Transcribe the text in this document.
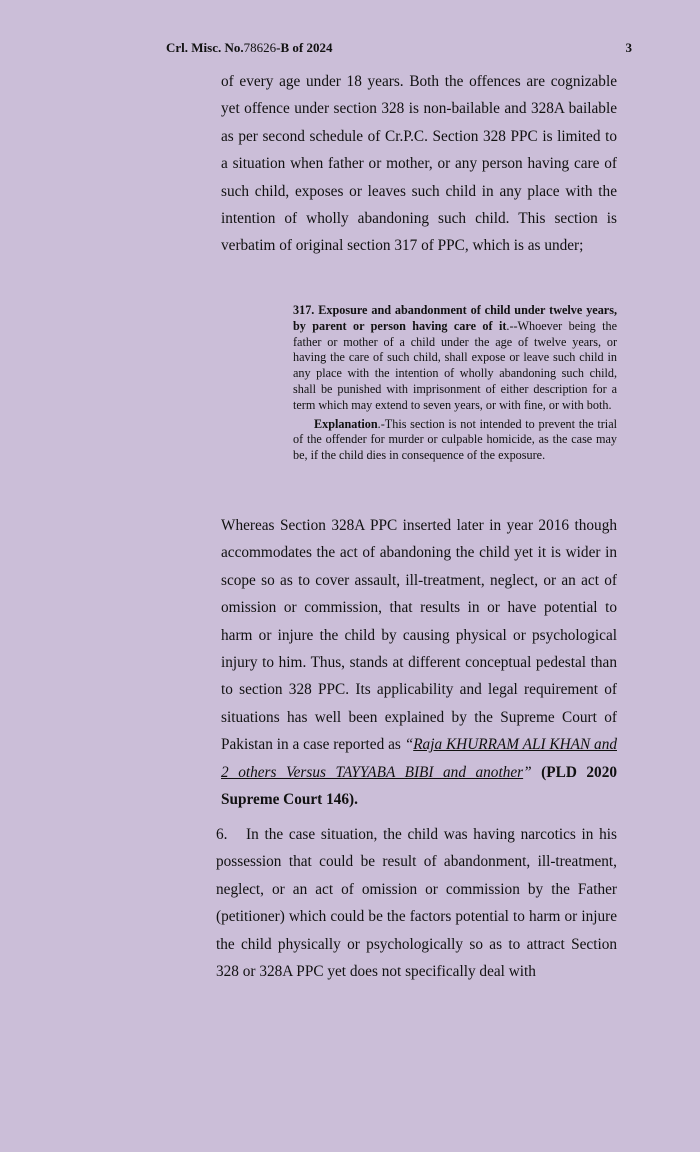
Crl. Misc. No.78626-B of 2024	3

of every age under 18 years. Both the offences are cognizable yet offence under section 328 is non-bailable and 328A bailable as per second schedule of Cr.P.C. Section 328 PPC is limited to a situation when father or mother, or any person having care of such child, exposes or leaves such child in any place with the intention of wholly abandoning such child. This section is verbatim of original section 317 of PPC, which is as under;

317. Exposure and abandonment of child under twelve years, by parent or person having care of it.--Whoever being the father or mother of a child under the age of twelve years, or having the care of such child, shall expose or leave such child in any place with the intention of wholly abandoning such child, shall be punished with imprisonment of either description for a term which may extend to seven years, or with fine, or with both.

Explanation.-This section is not intended to prevent the trial of the offender for murder or culpable homicide, as the case may be, if the child dies in consequence of the exposure.

Whereas Section 328A PPC inserted later in year 2016 though accommodates the act of abandoning the child yet it is wider in scope so as to cover assault, ill-treatment, neglect, or an act of omission or commission, that results in or have potential to harm or injure the child by causing physical or psychological injury to him. Thus, stands at different conceptual pedestal than to section 328 PPC. Its applicability and legal requirement of situations has well been explained by the Supreme Court of Pakistan in a case reported as “Raja KHURRAM ALI KHAN and 2 others Versus TAYYABA BIBI and another” (PLD 2020 Supreme Court 146).

6. In the case situation, the child was having narcotics in his possession that could be result of abandonment, ill-treatment, neglect, or an act of omission or commission by the Father (petitioner) which could be the factors potential to harm or injure the child physically or psychologically so as to attract Section 328 or 328A PPC yet does not specifically deal with
